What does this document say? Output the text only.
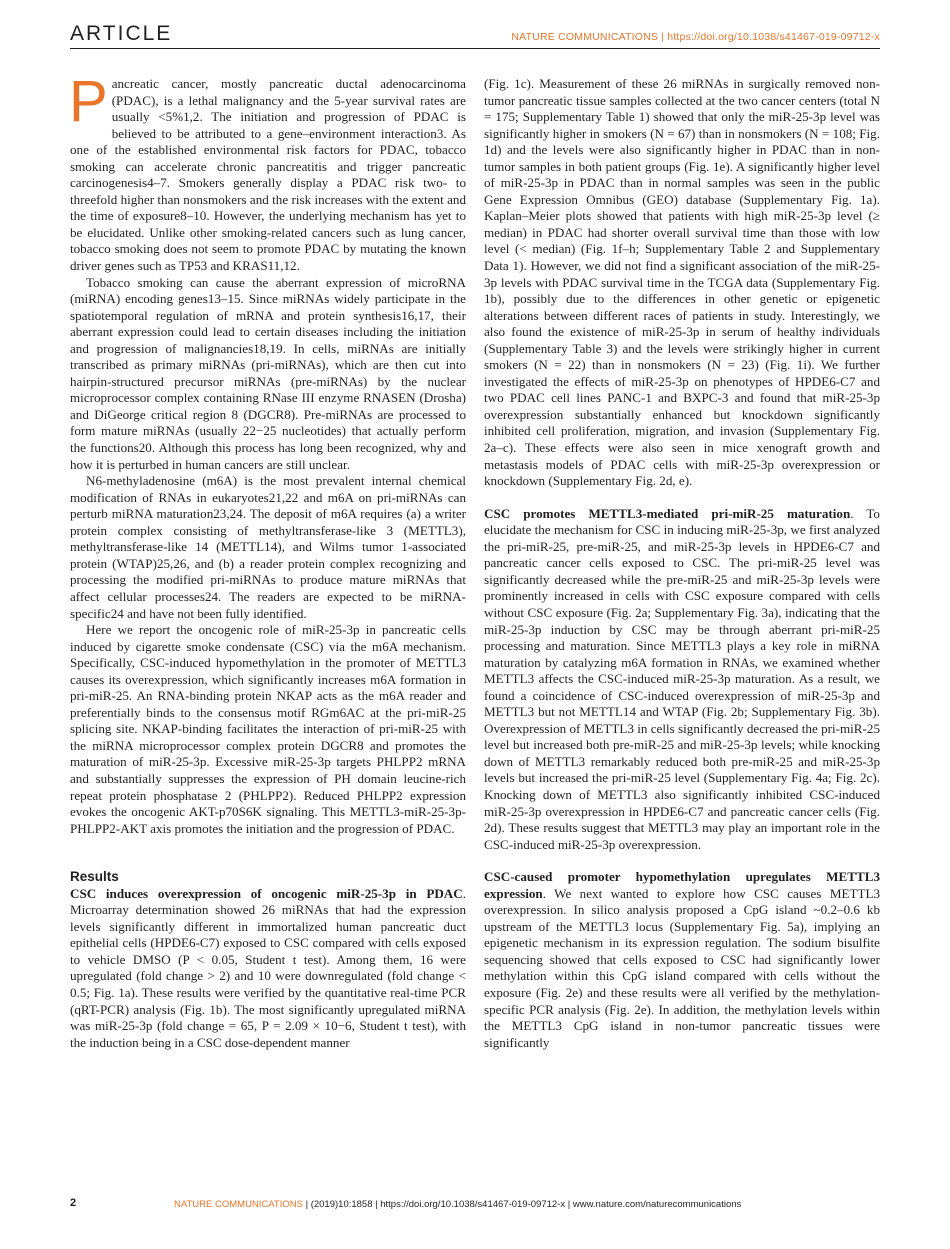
ARTICLE	NATURE COMMUNICATIONS | https://doi.org/10.1038/s41467-019-09712-x

Pancreatic cancer, mostly pancreatic ductal adenocarcinoma (PDAC), is a lethal malignancy and the 5-year survival rates are usually <5%1,2. The initiation and progression of PDAC is believed to be attributed to a gene–environment interaction3. As one of the established environmental risk factors for PDAC, tobacco smoking can accelerate chronic pancreatitis and trigger pancreatic carcinogenesis4–7. Smokers generally display a PDAC risk two- to threefold higher than nonsmokers and the risk increases with the extent and the time of exposure8–10. However, the underlying mechanism has yet to be elucidated. Unlike other smoking-related cancers such as lung cancer, tobacco smoking does not seem to promote PDAC by mutating the known driver genes such as TP53 and KRAS11,12.

Tobacco smoking can cause the aberrant expression of microRNA (miRNA) encoding genes13–15. Since miRNAs widely participate in the spatiotemporal regulation of mRNA and protein synthesis16,17, their aberrant expression could lead to certain diseases including the initiation and progression of malignancies18,19. In cells, miRNAs are initially transcribed as primary miRNAs (pri-miRNAs), which are then cut into hairpin-structured precursor miRNAs (pre-miRNAs) by the nuclear microprocessor complex containing RNase III enzyme RNASEN (Drosha) and DiGeorge critical region 8 (DGCR8). Pre-miRNAs are processed to form mature miRNAs (usually 22−25 nucleotides) that actually perform the functions20. Although this process has long been recognized, why and how it is perturbed in human cancers are still unclear.

N6-methyladenosine (m6A) is the most prevalent internal chemical modification of RNAs in eukaryotes21,22 and m6A on pri-miRNAs can perturb miRNA maturation23,24. The deposit of m6A requires (a) a writer protein complex consisting of methyltransferase-like 3 (METTL3), methyltransferase-like 14 (METTL14), and Wilms tumor 1-associated protein (WTAP)25,26, and (b) a reader protein complex recognizing and processing the modified pri-miRNAs to produce mature miRNAs that affect cellular processes24. The readers are expected to be miRNA-specific24 and have not been fully identified.

Here we report the oncogenic role of miR-25-3p in pancreatic cells induced by cigarette smoke condensate (CSC) via the m6A mechanism. Specifically, CSC-induced hypomethylation in the promoter of METTL3 causes its overexpression, which significantly increases m6A formation in pri-miR-25. An RNA-binding protein NKAP acts as the m6A reader and preferentially binds to the consensus motif RGm6AC at the pri-miR-25 splicing site. NKAP-binding facilitates the interaction of pri-miR-25 with the miRNA microprocessor complex protein DGCR8 and promotes the maturation of miR-25-3p. Excessive miR-25-3p targets PHLPP2 mRNA and substantially suppresses the expression of PH domain leucine-rich repeat protein phosphatase 2 (PHLPP2). Reduced PHLPP2 expression evokes the oncogenic AKT-p70S6K signaling. This METTL3-miR-25-3p-PHLPP2-AKT axis promotes the initiation and the progression of PDAC.

Results

CSC induces overexpression of oncogenic miR-25-3p in PDAC. Microarray determination showed 26 miRNAs that had the expression levels significantly different in immortalized human pancreatic duct epithelial cells (HPDE6-C7) exposed to CSC compared with cells exposed to vehicle DMSO (P < 0.05, Student t test). Among them, 16 were upregulated (fold change > 2) and 10 were downregulated (fold change < 0.5; Fig. 1a). These results were verified by the quantitative real-time PCR (qRT-PCR) analysis (Fig. 1b). The most significantly upregulated miRNA was miR-25-3p (fold change = 65, P = 2.09 × 10−6, Student t test), with the induction being in a CSC dose-dependent manner

(Fig. 1c). Measurement of these 26 miRNAs in surgically removed non-tumor pancreatic tissue samples collected at the two cancer centers (total N = 175; Supplementary Table 1) showed that only the miR-25-3p level was significantly higher in smokers (N = 67) than in nonsmokers (N = 108; Fig. 1d) and the levels were also significantly higher in PDAC than in non-tumor samples in both patient groups (Fig. 1e). A significantly higher level of miR-25-3p in PDAC than in normal samples was seen in the public Gene Expression Omnibus (GEO) database (Supplementary Fig. 1a). Kaplan–Meier plots showed that patients with high miR-25-3p level (≥ median) in PDAC had shorter overall survival time than those with low level (< median) (Fig. 1f–h; Supplementary Table 2 and Supplementary Data 1). However, we did not find a significant association of the miR-25-3p levels with PDAC survival time in the TCGA data (Supplementary Fig. 1b), possibly due to the differences in other genetic or epigenetic alterations between different races of patients in study. Interestingly, we also found the existence of miR-25-3p in serum of healthy individuals (Supplementary Table 3) and the levels were strikingly higher in current smokers (N = 22) than in nonsmokers (N = 23) (Fig. 1i). We further investigated the effects of miR-25-3p on phenotypes of HPDE6-C7 and two PDAC cell lines PANC-1 and BXPC-3 and found that miR-25-3p overexpression substantially enhanced but knockdown significantly inhibited cell proliferation, migration, and invasion (Supplementary Fig. 2a–c). These effects were also seen in mice xenograft growth and metastasis models of PDAC cells with miR-25-3p overexpression or knockdown (Supplementary Fig. 2d, e).

CSC promotes METTL3-mediated pri-miR-25 maturation. To elucidate the mechanism for CSC in inducing miR-25-3p, we first analyzed the pri-miR-25, pre-miR-25, and miR-25-3p levels in HPDE6-C7 and pancreatic cancer cells exposed to CSC. The pri-miR-25 level was significantly decreased while the pre-miR-25 and miR-25-3p levels were prominently increased in cells with CSC exposure compared with cells without CSC exposure (Fig. 2a; Supplementary Fig. 3a), indicating that the miR-25-3p induction by CSC may be through aberrant pri-miR-25 processing and maturation. Since METTL3 plays a key role in miRNA maturation by catalyzing m6A formation in RNAs, we examined whether METTL3 affects the CSC-induced miR-25-3p maturation. As a result, we found a coincidence of CSC-induced overexpression of miR-25-3p and METTL3 but not METTL14 and WTAP (Fig. 2b; Supplementary Fig. 3b). Overexpression of METTL3 in cells significantly decreased the pri-miR-25 level but increased both pre-miR-25 and miR-25-3p levels; while knocking down of METTL3 remarkably reduced both pre-miR-25 and miR-25-3p levels but increased the pri-miR-25 level (Supplementary Fig. 4a; Fig. 2c). Knocking down of METTL3 also significantly inhibited CSC-induced miR-25-3p overexpression in HPDE6-C7 and pancreatic cancer cells (Fig. 2d). These results suggest that METTL3 may play an important role in the CSC-induced miR-25-3p overexpression.

CSC-caused promoter hypomethylation upregulates METTL3 expression. We next wanted to explore how CSC causes METTL3 overexpression. In silico analysis proposed a CpG island ~0.2–0.6 kb upstream of the METTL3 locus (Supplementary Fig. 5a), implying an epigenetic mechanism in its expression regulation. The sodium bisulfite sequencing showed that cells exposed to CSC had significantly lower methylation within this CpG island compared with cells without the exposure (Fig. 2e) and these results were all verified by the methylation-specific PCR analysis (Fig. 2e). In addition, the methylation levels within the METTL3 CpG island in non-tumor pancreatic tissues were significantly

2	NATURE COMMUNICATIONS | (2019)10:1858 | https://doi.org/10.1038/s41467-019-09712-x | www.nature.com/naturecommunications
